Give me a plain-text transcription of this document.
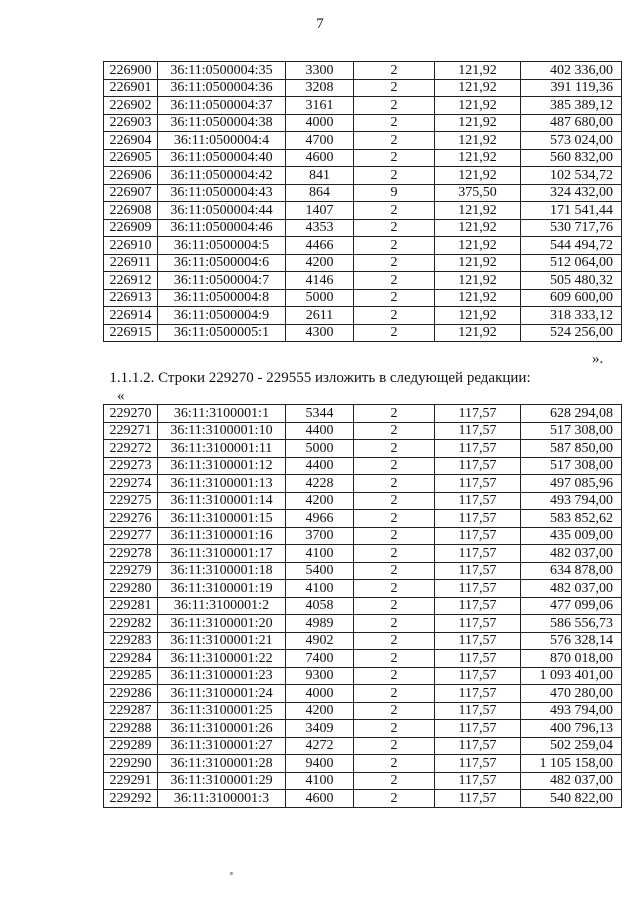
7
226900	36:11:0500004:35	3300	2	121,92	402 336,00
226901	36:11:0500004:36	3208	2	121,92	391 119,36
226902	36:11:0500004:37	3161	2	121,92	385 389,12
226903	36:11:0500004:38	4000	2	121,92	487 680,00
226904	36:11:0500004:4	4700	2	121,92	573 024,00
226905	36:11:0500004:40	4600	2	121,92	560 832,00
226906	36:11:0500004:42	841	2	121,92	102 534,72
226907	36:11:0500004:43	864	9	375,50	324 432,00
226908	36:11:0500004:44	1407	2	121,92	171 541,44
226909	36:11:0500004:46	4353	2	121,92	530 717,76
226910	36:11:0500004:5	4466	2	121,92	544 494,72
226911	36:11:0500004:6	4200	2	121,92	512 064,00
226912	36:11:0500004:7	4146	2	121,92	505 480,32
226913	36:11:0500004:8	5000	2	121,92	609 600,00
226914	36:11:0500004:9	2611	2	121,92	318 333,12
226915	36:11:0500005:1	4300	2	121,92	524 256,00
».
1.1.1.2. Строки 229270 - 229555 изложить в следующей редакции:
«
229270	36:11:3100001:1	5344	2	117,57	628 294,08
229271	36:11:3100001:10	4400	2	117,57	517 308,00
229272	36:11:3100001:11	5000	2	117,57	587 850,00
229273	36:11:3100001:12	4400	2	117,57	517 308,00
229274	36:11:3100001:13	4228	2	117,57	497 085,96
229275	36:11:3100001:14	4200	2	117,57	493 794,00
229276	36:11:3100001:15	4966	2	117,57	583 852,62
229277	36:11:3100001:16	3700	2	117,57	435 009,00
229278	36:11:3100001:17	4100	2	117,57	482 037,00
229279	36:11:3100001:18	5400	2	117,57	634 878,00
229280	36:11:3100001:19	4100	2	117,57	482 037,00
229281	36:11:3100001:2	4058	2	117,57	477 099,06
229282	36:11:3100001:20	4989	2	117,57	586 556,73
229283	36:11:3100001:21	4902	2	117,57	576 328,14
229284	36:11:3100001:22	7400	2	117,57	870 018,00
229285	36:11:3100001:23	9300	2	117,57	1 093 401,00
229286	36:11:3100001:24	4000	2	117,57	470 280,00
229287	36:11:3100001:25	4200	2	117,57	493 794,00
229288	36:11:3100001:26	3409	2	117,57	400 796,13
229289	36:11:3100001:27	4272	2	117,57	502 259,04
229290	36:11:3100001:28	9400	2	117,57	1 105 158,00
229291	36:11:3100001:29	4100	2	117,57	482 037,00
229292	36:11:3100001:3	4600	2	117,57	540 822,00
